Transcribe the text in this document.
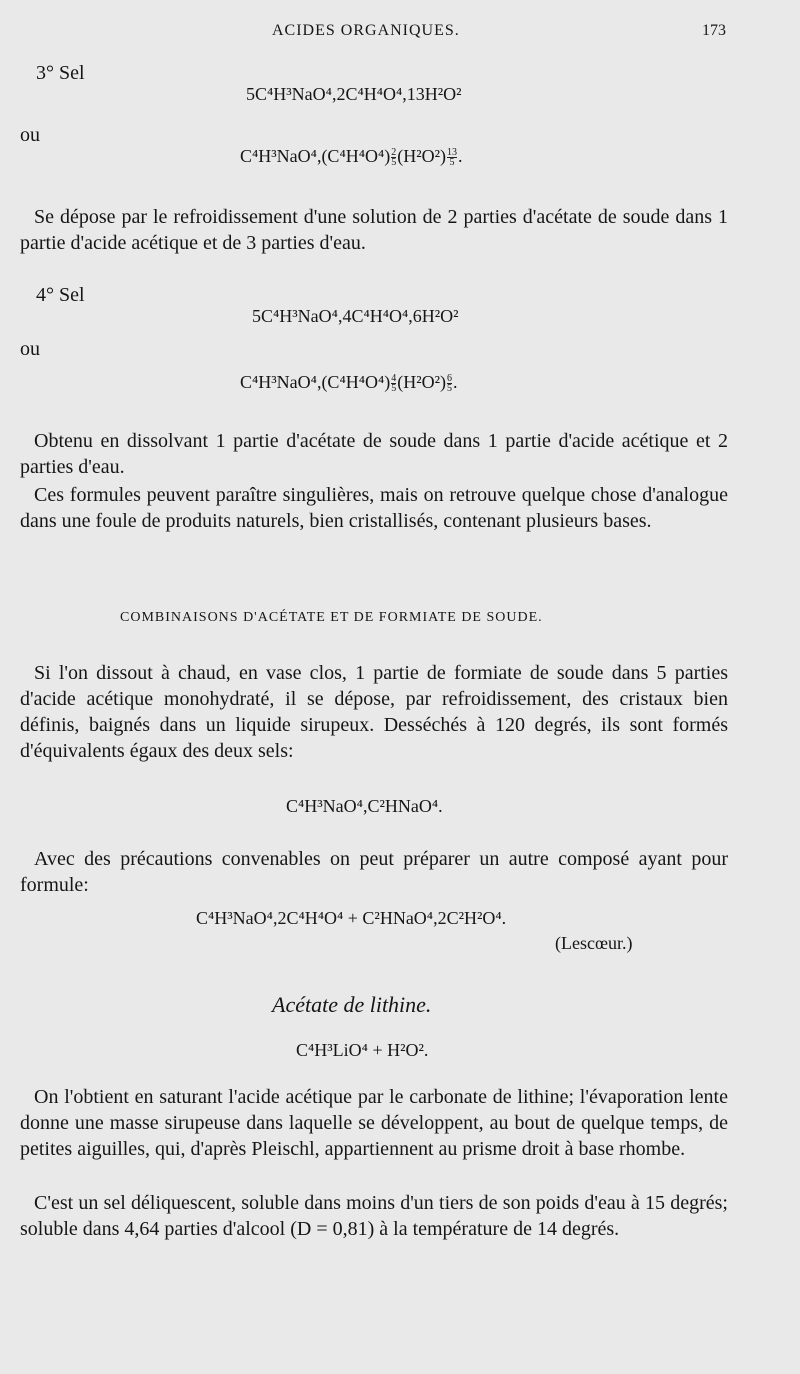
ACIDES ORGANIQUES.	173
3° Sel
5C⁴H³NaO⁴,2C⁴H⁴O⁴,13H²O²
ou
$C^4H^3NaO^4,(C^4H^4O^4) \frac{2}{5} (H^2O^2) \frac{13}{5}$ .

Se dépose par le refroidissement d'une solution de 2 parties d'acétate de soude dans 1 partie d'acide acétique et de 3 parties d'eau.

4° Sel
5C⁴H³NaO⁴,4C⁴H⁴O⁴,6H²O²
ou
$C^4H^3NaO^4,(C^4H^4O^4) \frac{4}{5} (H^2O^2) \frac{6}{5}$ .

Obtenu en dissolvant 1 partie d'acétate de soude dans 1 partie d'acide acétique et 2 parties d'eau.

Ces formules peuvent paraître singulières, mais on retrouve quelque chose d'analogue dans une foule de produits naturels, bien cristallisés, contenant plusieurs bases.

COMBINAISONS D'ACÉTATE ET DE FORMIATE DE SOUDE.

Si l'on dissout à chaud, en vase clos, 1 partie de formiate de soude dans 5 parties d'acide acétique monohydraté, il se dépose, par refroidissement, des cristaux bien définis, baignés dans un liquide sirupeux. Desséchés à 120 degrés, ils sont formés d'équivalents égaux des deux sels:

C⁴H³NaO⁴,C²HNaO⁴.

Avec des précautions convenables on peut préparer un autre composé ayant pour formule:

C⁴H³NaO⁴,2C⁴H⁴O⁴ + C²HNaO⁴,2C²H²O⁴.
(Lescœur.)
Acétate de lithine.
C⁴H³LiO⁴ + H²O².

On l'obtient en saturant l'acide acétique par le carbonate de lithine; l'évaporation lente donne une masse sirupeuse dans laquelle se développent, au bout de quelque temps, de petites aiguilles, qui, d'après Pleischl, appartiennent au prisme droit à base rhombe.

C'est un sel déliquescent, soluble dans moins d'un tiers de son poids d'eau à 15 degrés; soluble dans 4,64 parties d'alcool (D = 0,81) à la température de 14 degrés.
